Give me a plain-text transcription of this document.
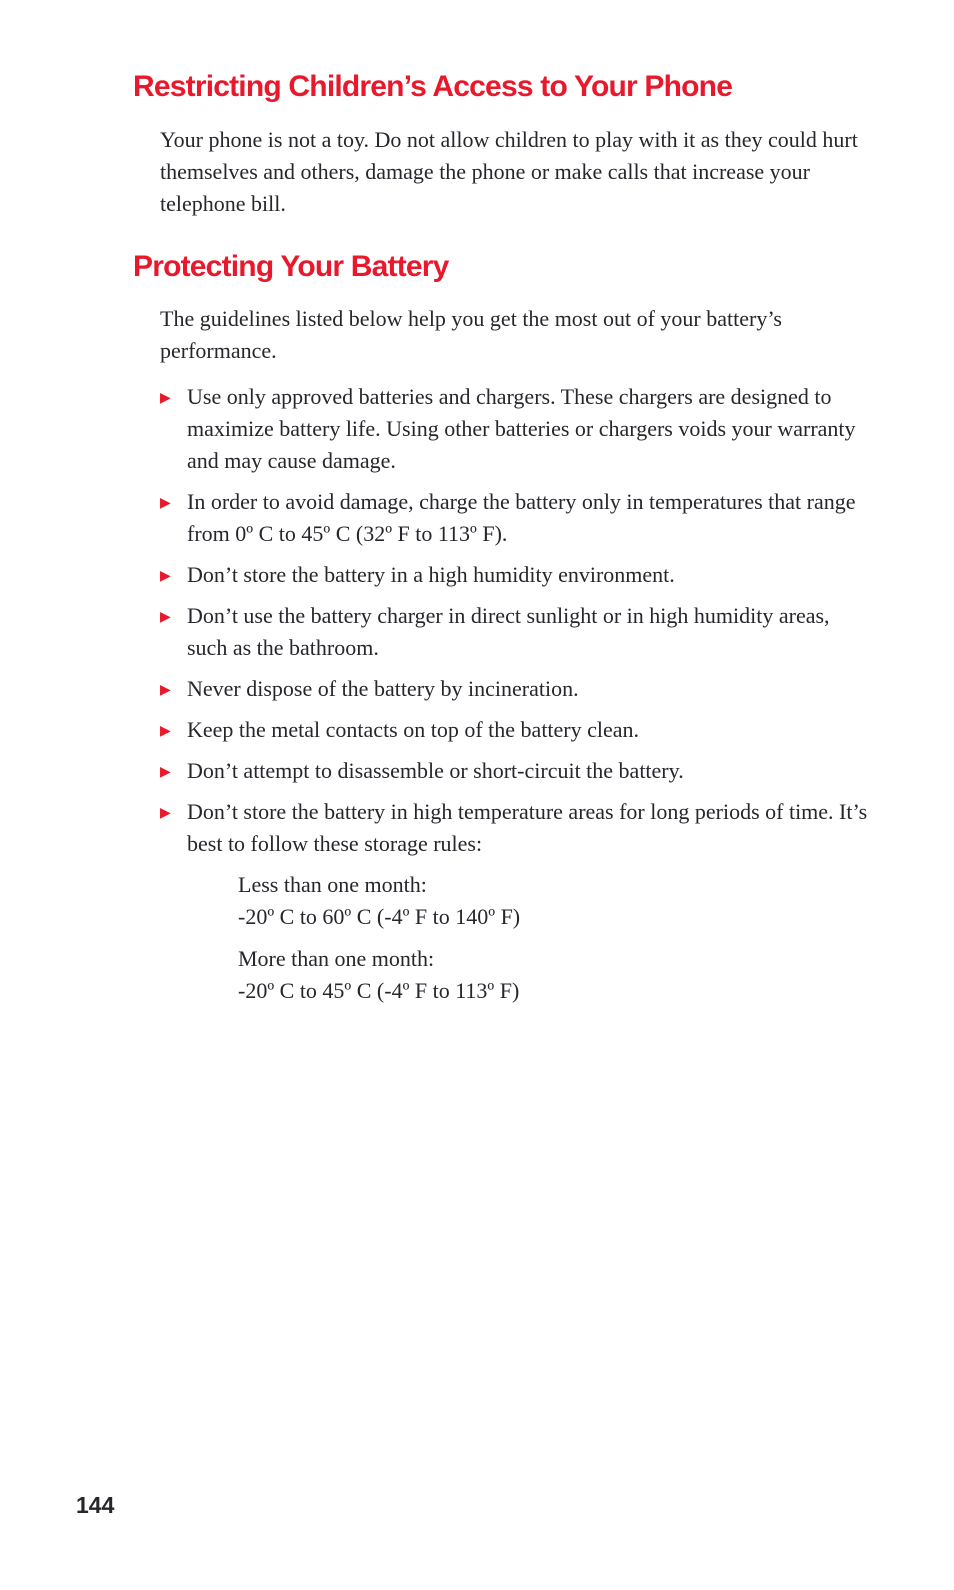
Restricting Children’s Access to Your Phone

Your phone is not a toy. Do not allow children to play with it as they could hurt themselves and others, damage the phone or make calls that increase your telephone bill.

Protecting Your Battery

The guidelines listed below help you get the most out of your battery’s performance.

▶ Use only approved batteries and chargers. These chargers are designed to maximize battery life. Using other batteries or chargers voids your warranty and may cause damage.
▶ In order to avoid damage, charge the battery only in temperatures that range from 0º C to 45º C (32º F to 113º F).
▶ Don’t store the battery in a high humidity environment.
▶ Don’t use the battery charger in direct sunlight or in high humidity areas, such as the bathroom.
▶ Never dispose of the battery by incineration.
▶ Keep the metal contacts on top of the battery clean.
▶ Don’t attempt to disassemble or short-circuit the battery.
▶ Don’t store the battery in high temperature areas for long periods of time. It’s best to follow these storage rules:
Less than one month:
-20º C to 60º C (-4º F to 140º F)
More than one month:
-20º C to 45º C (-4º F to 113º F)
144
